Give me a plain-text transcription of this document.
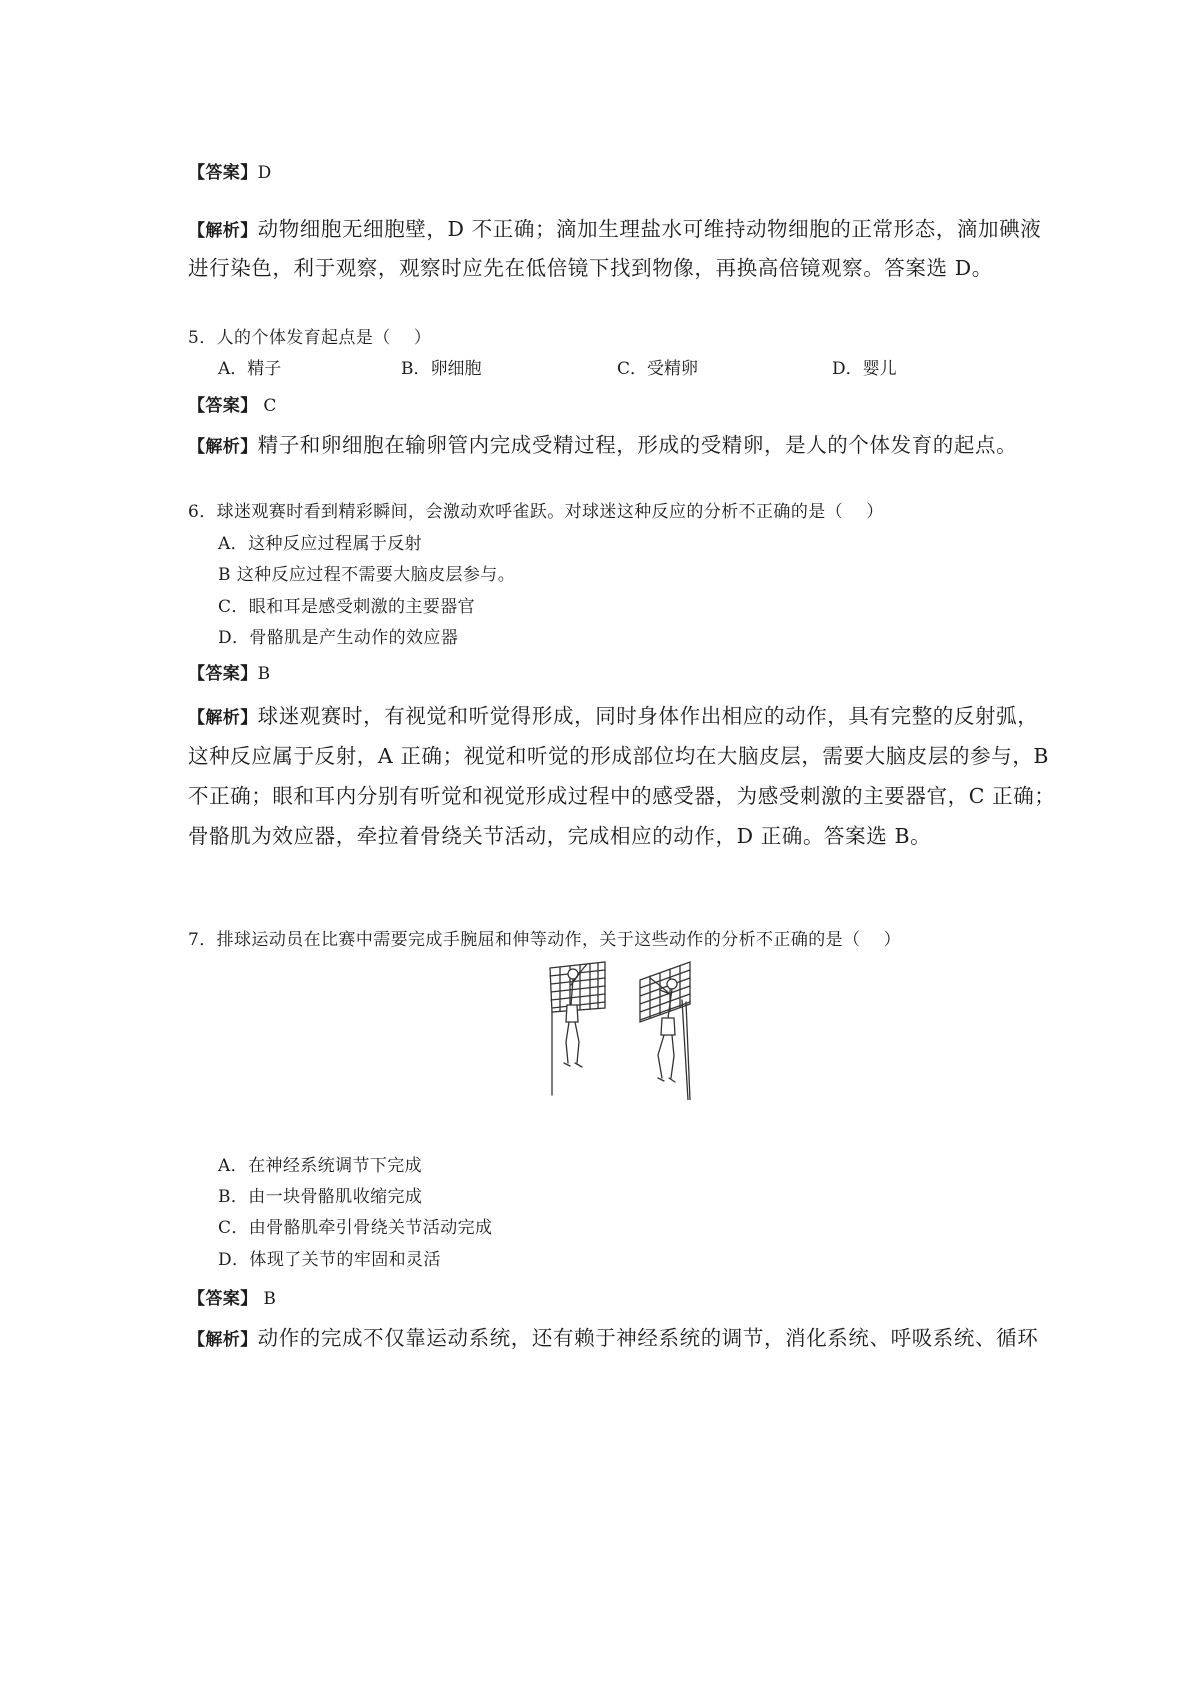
【答案】D
【解析】动物细胞无细胞壁，D 不正确；滴加生理盐水可维持动物细胞的正常形态，滴加碘液
进行染色，利于观察，观察时应先在低倍镜下找到物像，再换高倍镜观察。答案选 D。
5．人的个体发育起点是（　 ）
A．精子	B．卵细胞	C．受精卵	D．婴儿
【答案】 C
【解析】精子和卵细胞在输卵管内完成受精过程，形成的受精卵，是人的个体发育的起点。
6．球迷观赛时看到精彩瞬间，会激动欢呼雀跃。对球迷这种反应的分析不正确的是（　 ）
A．这种反应过程属于反射
B 这种反应过程不需要大脑皮层参与。
C．眼和耳是感受刺激的主要器官
D．骨骼肌是产生动作的效应器
【答案】B
【解析】球迷观赛时，有视觉和听觉得形成，同时身体作出相应的动作，具有完整的反射弧，
这种反应属于反射，A 正确；视觉和听觉的形成部位均在大脑皮层，需要大脑皮层的参与，B
不正确；眼和耳内分别有听觉和视觉形成过程中的感受器，为感受刺激的主要器官，C 正确；
骨骼肌为效应器，牵拉着骨绕关节活动，完成相应的动作，D 正确。答案选 B。
7．排球运动员在比赛中需要完成手腕屈和伸等动作，关于这些动作的分析不正确的是（　 ）
A．在神经系统调节下完成
B．由一块骨骼肌收缩完成
C．由骨骼肌牵引骨绕关节活动完成
D．体现了关节的牢固和灵活
【答案】 B
【解析】动作的完成不仅靠运动系统，还有赖于神经系统的调节，消化系统、呼吸系统、循环
